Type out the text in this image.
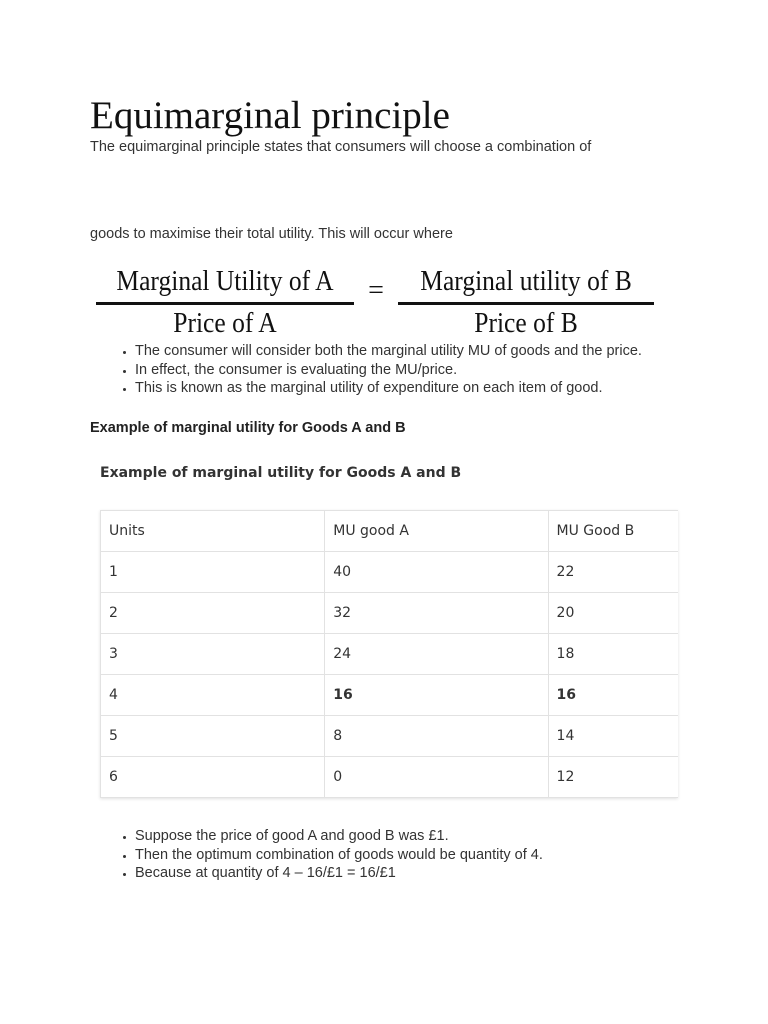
Equimarginal principle

The equimarginal principle states that consumers will choose a combination of

goods to maximise their total utility. This will occur where

Marginal Utility of A
Price of A
=	Marginal utility of B
Price of B
• The consumer will consider both the marginal utility MU of goods and the price.
• In effect, the consumer is evaluating the MU/price.
• This is known as the marginal utility of expenditure on each item of good.

Example of marginal utility for Goods A and B

Example of marginal utility for Goods A and B

Units	MU good A	MU Good B
1	40	22
2	32	20
3	24	18
4	16	16
5	8	14
6	0	12
• Suppose the price of good A and good B was £1.
• Then the optimum combination of goods would be quantity of 4.
• Because at quantity of 4 – 16/£1 = 16/£1
